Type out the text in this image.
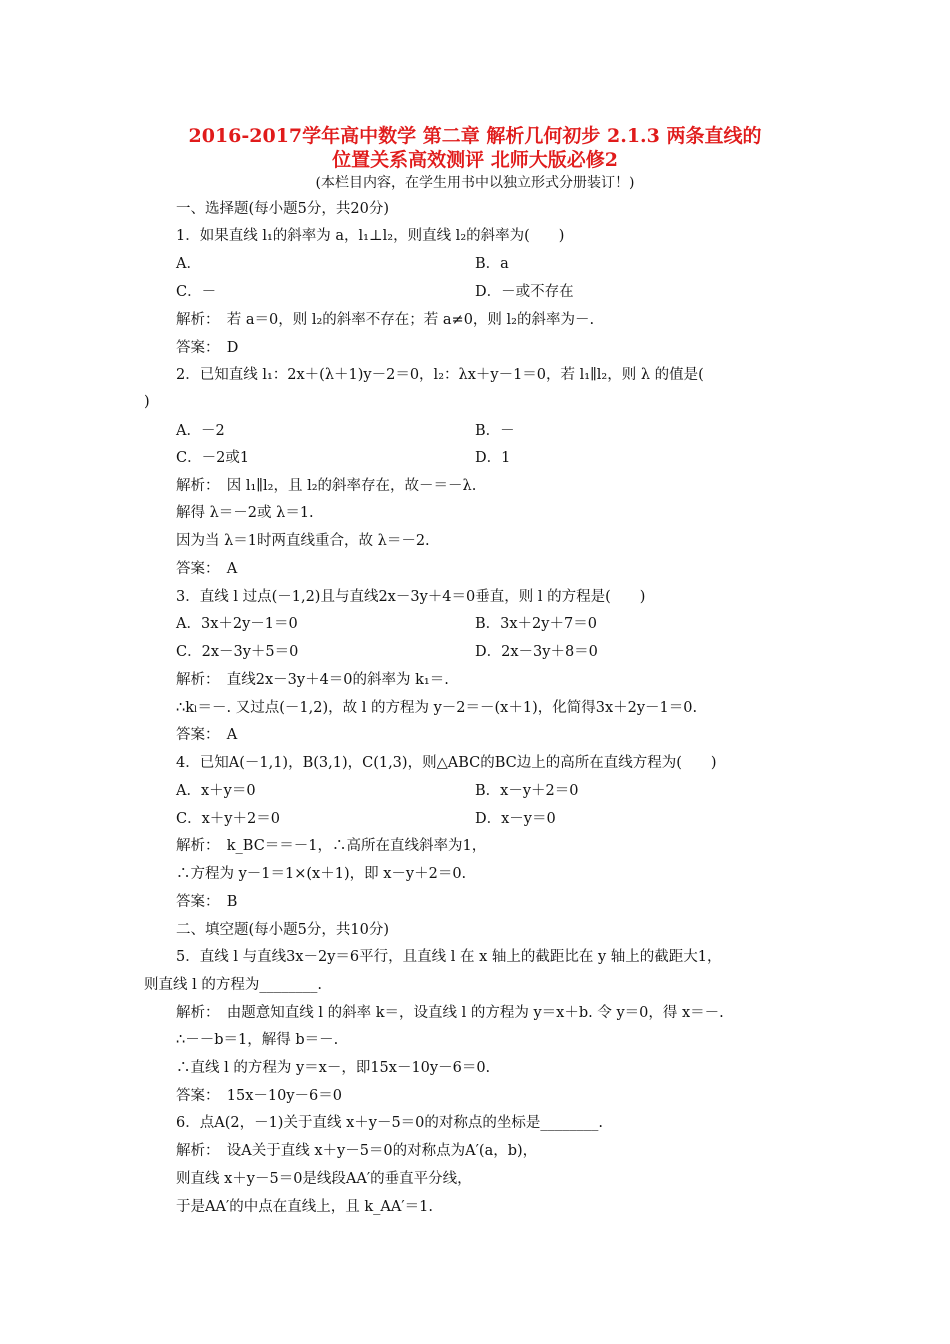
2016-2017学年高中数学 第二章 解析几何初步 2.1.3 两条直线的
位置关系高效测评 北师大版必修2
(本栏目内容，在学生用书中以独立形式分册装订！)
一、选择题(每小题5分，共20分)
1．如果直线 l₁的斜率为 a，l₁⊥l₂，则直线 l₂的斜率为(　　)
A．	B．a
C．－	D．－或不存在
解析：　若 a＝0，则 l₂的斜率不存在；若 a≠0，则 l₂的斜率为－.
答案：　D
2．已知直线 l₁：2x＋(λ＋1)y－2＝0，l₂：λx＋y－1＝0，若 l₁∥l₂，则 λ 的值是(
)
A．－2	B．－
C．－2或1	D．1
解析：　因 l₁∥l₂，且 l₂的斜率存在，故－＝－λ.
解得 λ＝－2或 λ＝1.
因为当 λ＝1时两直线重合，故 λ＝－2.
答案：　A
3．直线 l 过点(－1,2)且与直线2x－3y＋4＝0垂直，则 l 的方程是(　　)
A．3x＋2y－1＝0	B．3x＋2y＋7＝0
C．2x－3y＋5＝0	D．2x－3y＋8＝0
解析：　直线2x－3y＋4＝0的斜率为 k₁＝.
∴kₗ＝－. 又过点(－1,2)，故 l 的方程为 y－2＝－(x＋1)，化简得3x＋2y－1＝0.
答案：　A
4．已知A(－1,1)，B(3,1)，C(1,3)，则△ABC的BC边上的高所在直线方程为(　　)
A．x＋y＝0	B．x－y＋2＝0
C．x＋y＋2＝0	D．x－y＝0
解析：　k_BC＝＝－1，∴高所在直线斜率为1，
∴方程为 y－1＝1×(x＋1)，即 x－y＋2＝0.
答案：　B
二、填空题(每小题5分，共10分)
5．直线 l 与直线3x－2y＝6平行，且直线 l 在 x 轴上的截距比在 y 轴上的截距大1，
则直线 l 的方程为________.
解析：　由题意知直线 l 的斜率 k＝，设直线 l 的方程为 y＝x＋b. 令 y＝0，得 x＝－.
∴－－b＝1，解得 b＝－.
∴直线 l 的方程为 y＝x－，即15x－10y－6＝0.
答案：　15x－10y－6＝0
6．点A(2，－1)关于直线 x＋y－5＝0的对称点的坐标是________.
解析：　设A关于直线 x＋y－5＝0的对称点为A′(a，b)，
则直线 x＋y－5＝0是线段AA′的垂直平分线，
于是AA′的中点在直线上，且 k_AA′＝1.
